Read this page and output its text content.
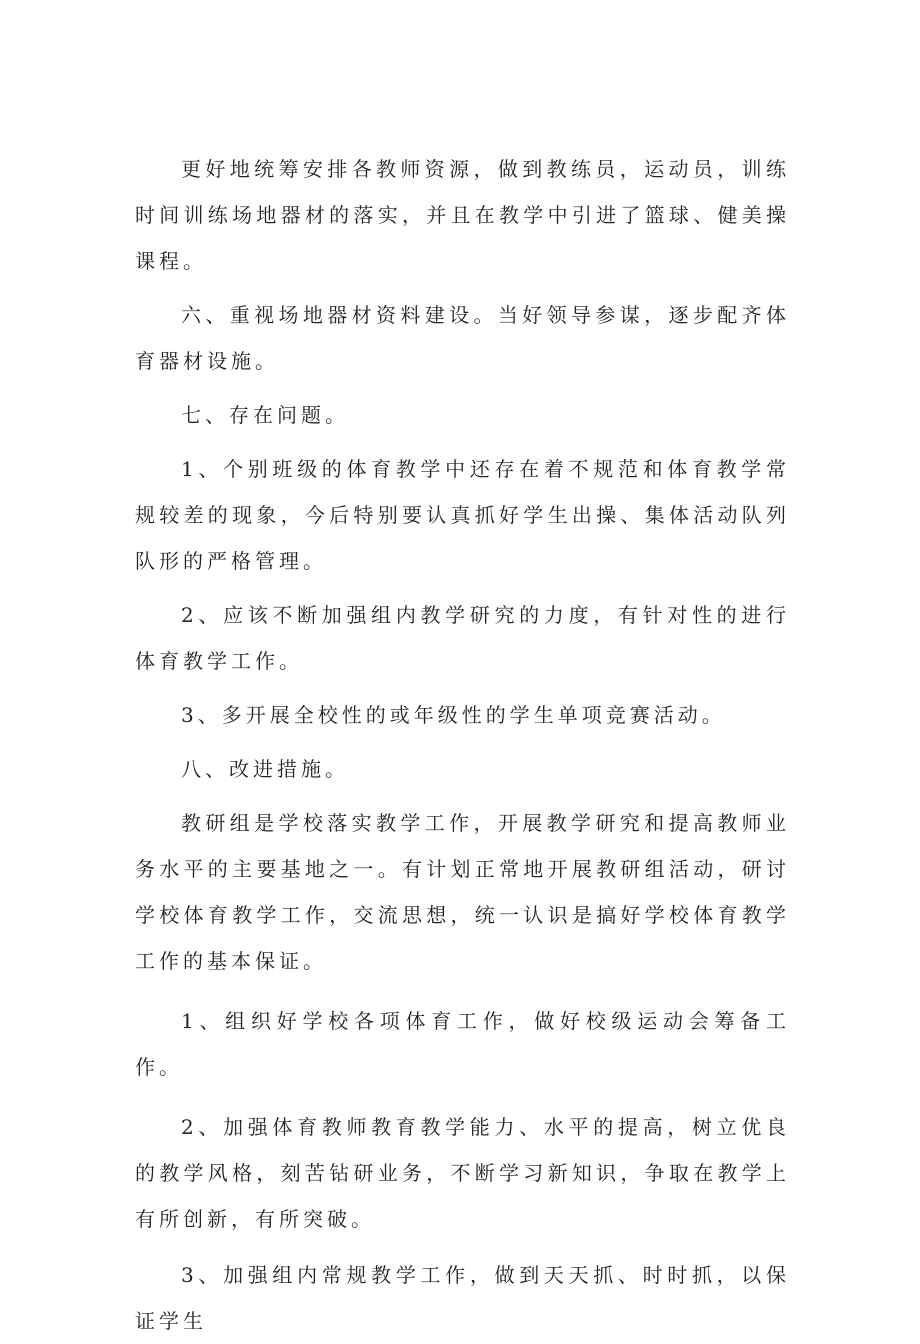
更好地统筹安排各教师资源，做到教练员，运动员，训练时间训练场地器材的落实，并且在教学中引进了篮球、健美操课程。

六、重视场地器材资料建设。当好领导参谋，逐步配齐体育器材设施。

七、存在问题。

1、个别班级的体育教学中还存在着不规范和体育教学常规较差的现象，今后特别要认真抓好学生出操、集体活动队列队形的严格管理。

2、应该不断加强组内教学研究的力度，有针对性的进行体育教学工作。

3、多开展全校性的或年级性的学生单项竞赛活动。

八、改进措施。

教研组是学校落实教学工作，开展教学研究和提高教师业务水平的主要基地之一。有计划正常地开展教研组活动，研讨学校体育教学工作，交流思想，统一认识是搞好学校体育教学工作的基本保证。

1、组织好学校各项体育工作，做好校级运动会筹备工作。

2、加强体育教师教育教学能力、水平的提高，树立优良的教学风格，刻苦钻研业务，不断学习新知识，争取在教学上有所创新，有所突破。

3、加强组内常规教学工作，做到天天抓、时时抓，以保证学生
